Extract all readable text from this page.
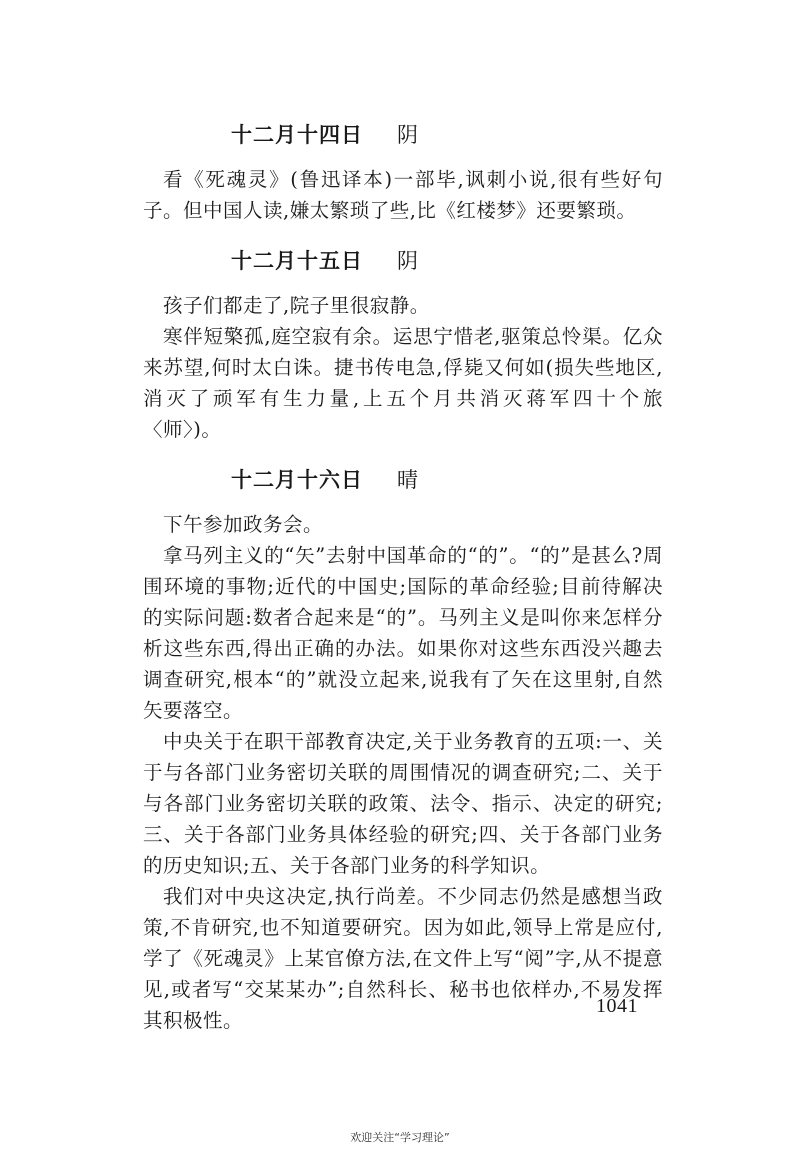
十二月十四日 阴

看《死魂灵》(鲁迅译本)一部毕,讽刺小说,很有些好句子。但中国人读,嫌太繁琐了些,比《红楼梦》还要繁琐。

十二月十五日 阴

孩子们都走了,院子里很寂静。

寒伴短檠孤,庭空寂有余。运思宁惜老,驱策总怜渠。亿众来苏望,何时太白诛。捷书传电急,俘毙又何如(损失些地区,消灭了顽军有生力量,上五个月共消灭蒋军四十个旅〈师〉)。

十二月十六日 晴

下午参加政务会。

拿马列主义的“矢”去射中国革命的“的”。“的”是甚么?周围环境的事物;近代的中国史;国际的革命经验;目前待解决的实际问题:数者合起来是“的”。马列主义是叫你来怎样分析这些东西,得出正确的办法。如果你对这些东西没兴趣去调查研究,根本“的”就没立起来,说我有了矢在这里射,自然矢要落空。

中央关于在职干部教育决定,关于业务教育的五项:一、关于与各部门业务密切关联的周围情况的调查研究;二、关于与各部门业务密切关联的政策、法令、指示、决定的研究;三、关于各部门业务具体经验的研究;四、关于各部门业务的历史知识;五、关于各部门业务的科学知识。

我们对中央这决定,执行尚差。不少同志仍然是感想当政策,不肯研究,也不知道要研究。因为如此,领导上常是应付,学了《死魂灵》上某官僚方法,在文件上写“阅”字,从不提意见,或者写“交某某办”;自然科长、秘书也依样办,不易发挥其积极性。

1041
欢迎关注“学习理论”
